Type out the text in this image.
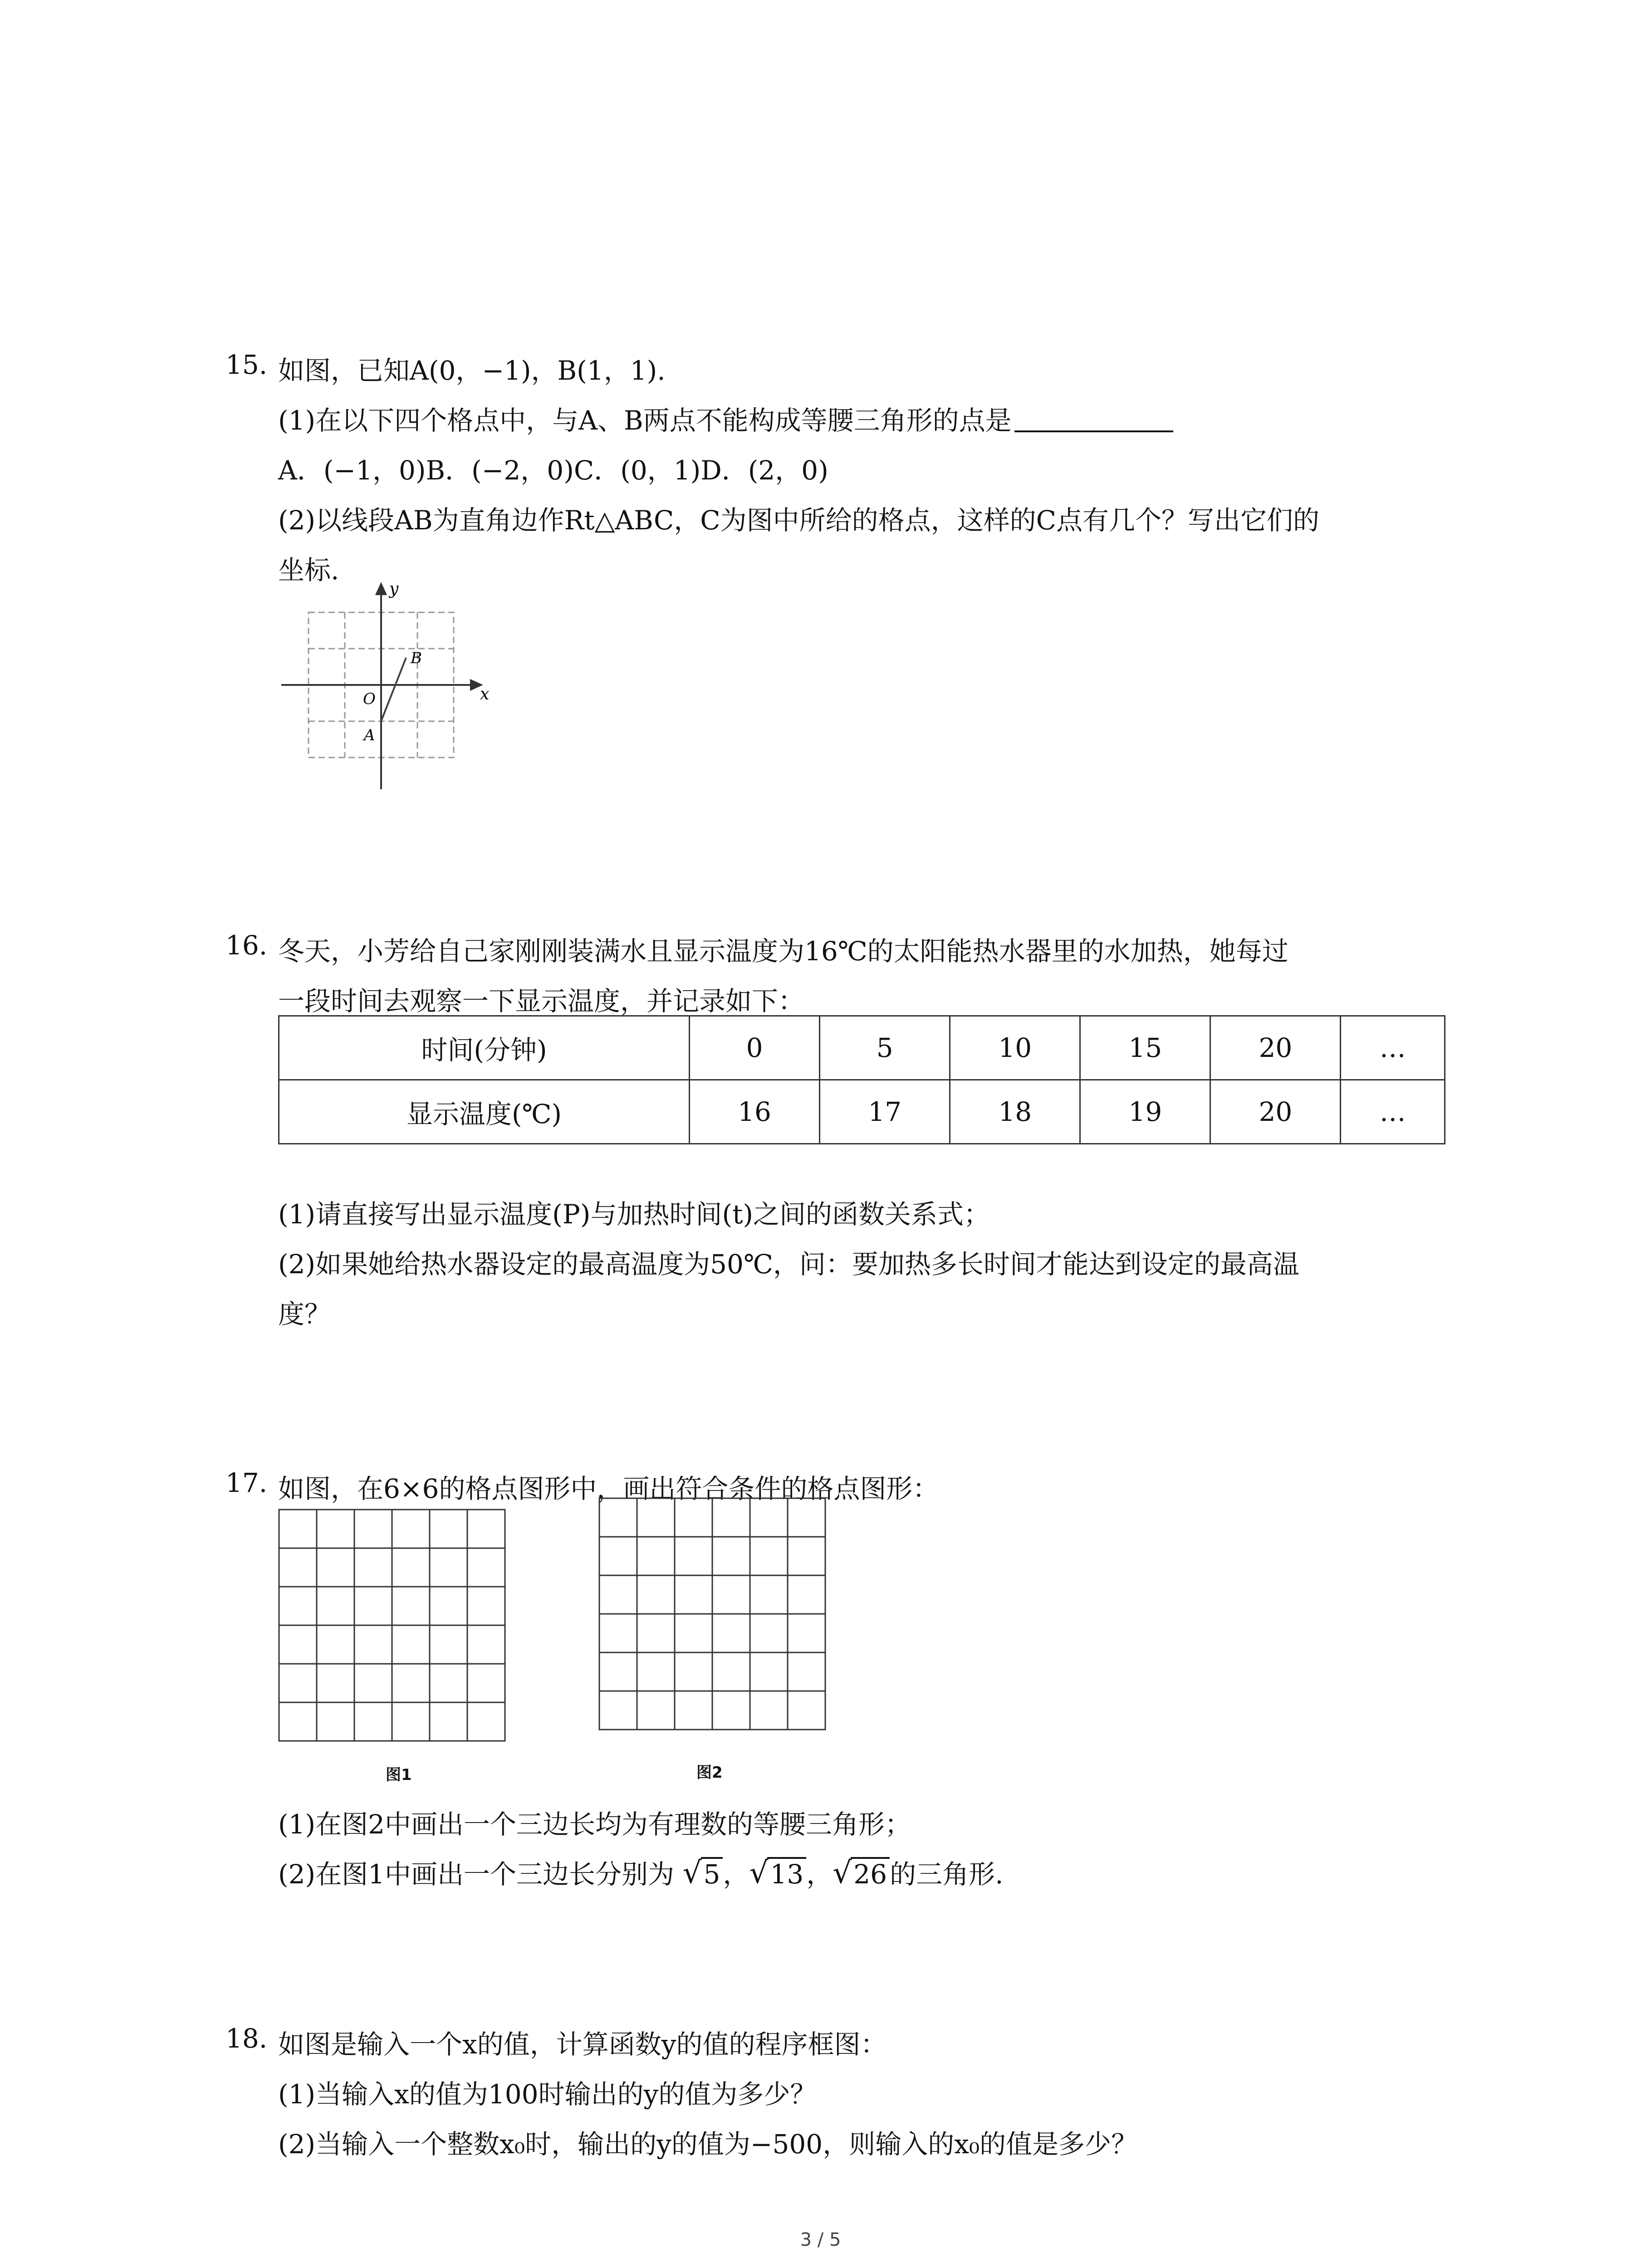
15. 如图，已知A(0，−1)，B(1，1).
(1)在以下四个格点中，与A、B两点不能构成等腰三角形的点是
A．(−1，0)B．(−2，0)C．(0，1)D．(2，0)
(2)以线段AB为直角边作Rt△ABC，C为图中所给的格点，这样的C点有几个？写出它们的
坐标.
y
x
O
A
B
16. 冬天，小芳给自己家刚刚装满水且显示温度为16℃的太阳能热水器里的水加热，她每过
一段时间去观察一下显示温度，并记录如下：
时间(分钟)	0	5	10	15	20	…
显示温度(℃)	16	17	18	19	20	…
(1)请直接写出显示温度(P)与加热时间(t)之间的函数关系式；
(2)如果她给热水器设定的最高温度为50℃，问：要加热多长时间才能达到设定的最高温
度？
17. 如图，在6×6的格点图形中，画出符合条件的格点图形：
图1	图2
(1)在图2中画出一个三边长均为有理数的等腰三角形；
(2)在图1中画出一个三边长分别为 √ 5 ， √ 13 ， √ 26 的三角形.
18. 如图是输入一个x的值，计算函数y的值的程序框图：
(1)当输入x的值为100时输出的y的值为多少？
(2)当输入一个整数x₀时，输出的y的值为−500，则输入的x₀的值是多少？
3 / 5
